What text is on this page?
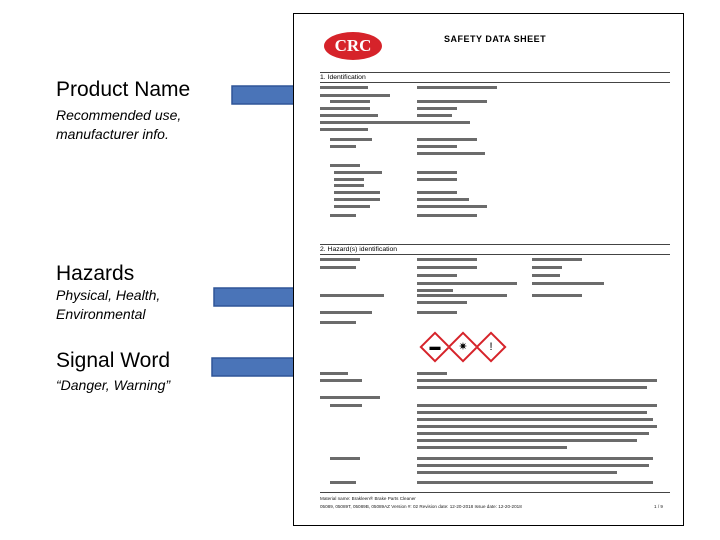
Product Name
Recommended use,
manufacturer info.
Hazards
Physical, Health,
Environmental
Signal Word
“Danger, Warning”
CRC	SAFETY DATA SHEET
1. Identification
2. Hazard(s) identification
▬	✷	!
Material name: Brakleen® Brake Parts Cleaner
05089, 05089T, 05089B, 05089AZ Version #: 02 Revision date: 12-20-2018 Issue date: 12-20-2018	1 / 9
